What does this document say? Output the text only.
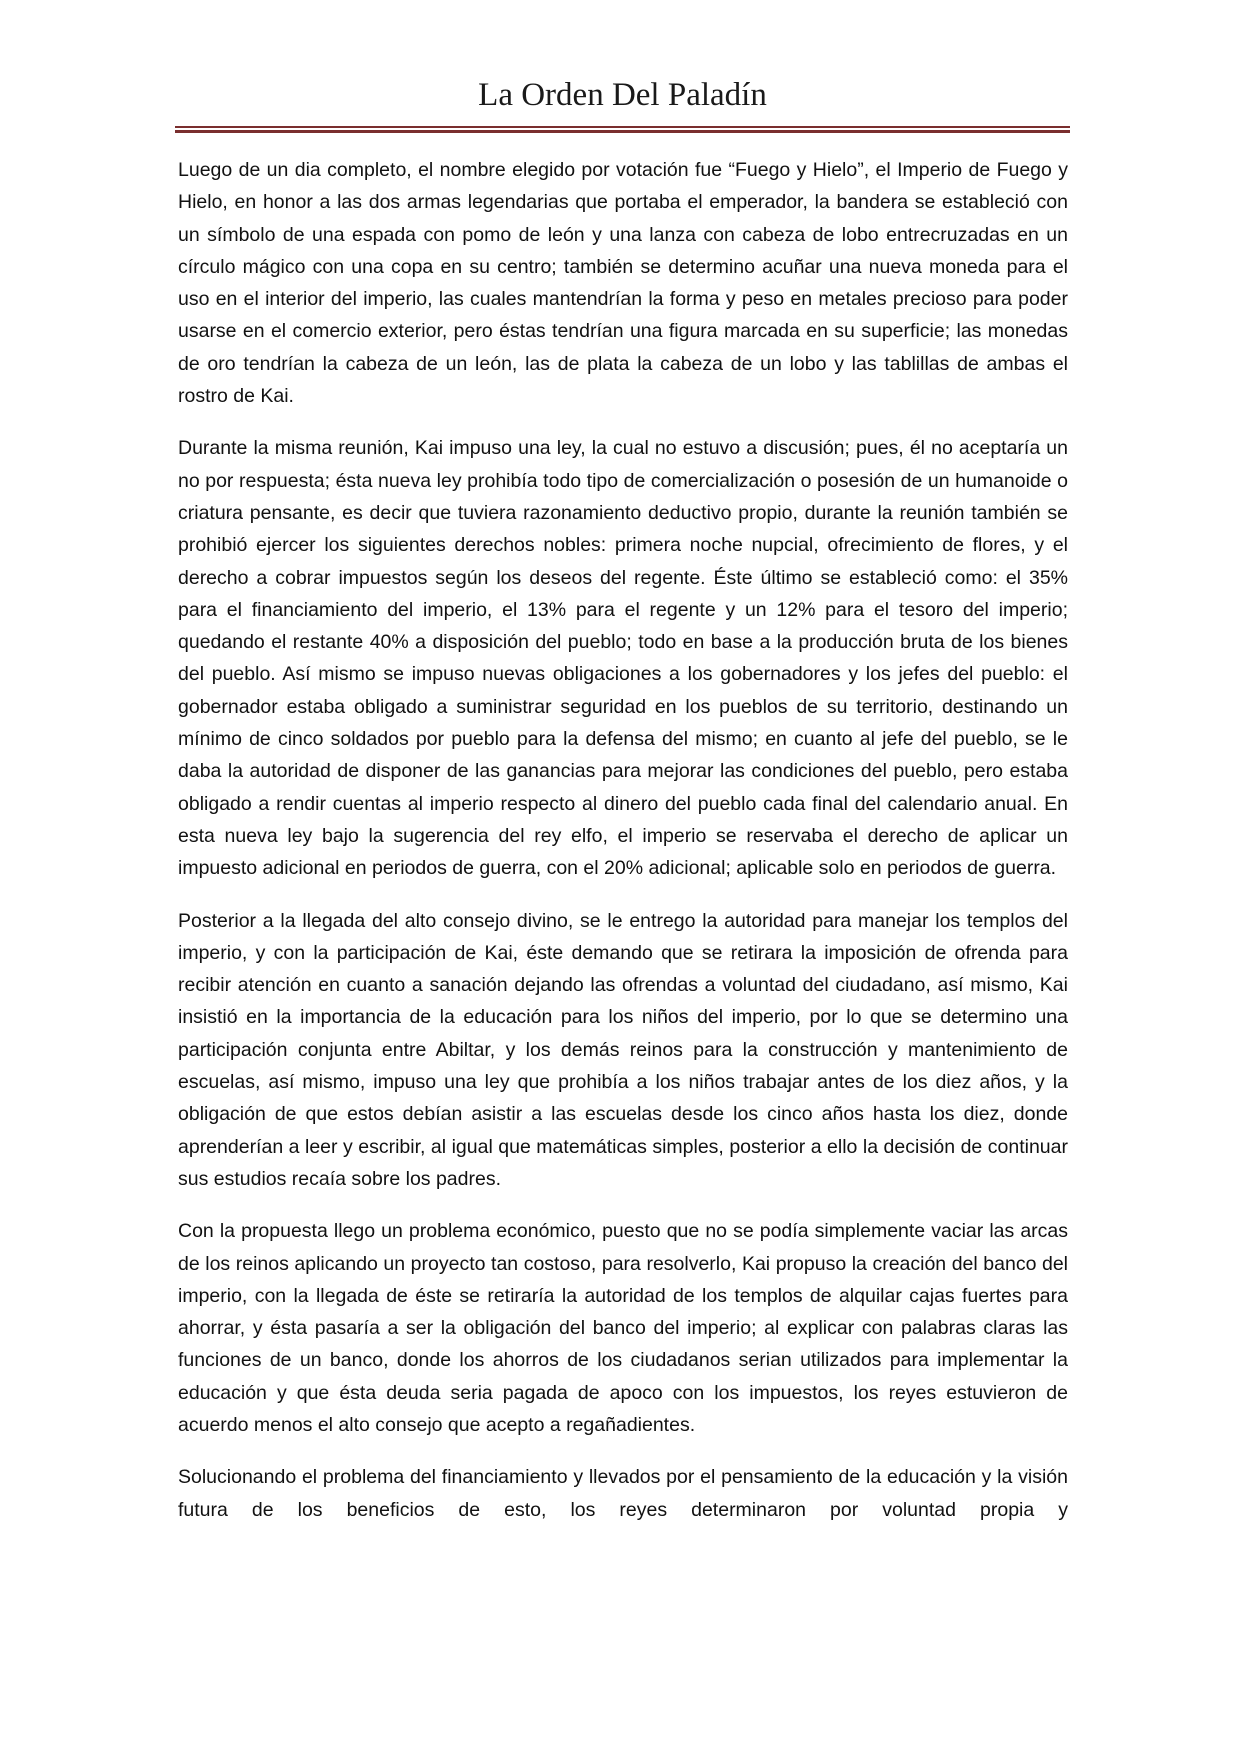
La Orden Del Paladín

Luego de un dia completo, el nombre elegido por votación fue “Fuego y Hielo”, el Imperio de Fuego y Hielo, en honor a las dos armas legendarias que portaba el emperador, la bandera se estableció con un símbolo de una espada con pomo de león y una lanza con cabeza de lobo entrecruzadas en un círculo mágico con una copa en su centro; también se determino acuñar una nueva moneda para el uso en el interior del imperio, las cuales mantendrían la forma y peso en metales precioso para poder usarse en el comercio exterior, pero éstas tendrían una figura marcada en su superficie; las monedas de oro tendrían la cabeza de un león, las de plata la cabeza de un lobo y las tablillas de ambas el rostro de Kai.

Durante la misma reunión, Kai impuso una ley, la cual no estuvo a discusión; pues, él no aceptaría un no por respuesta; ésta nueva ley prohibía todo tipo de comercialización o posesión de un humanoide o criatura pensante, es decir que tuviera razonamiento deductivo propio, durante la reunión también se prohibió ejercer los siguientes derechos nobles: primera noche nupcial, ofrecimiento de flores, y el derecho a cobrar impuestos según los deseos del regente. Éste último se estableció como: el 35% para el financiamiento del imperio, el 13% para el regente y un 12% para el tesoro del imperio; quedando el restante 40% a disposición del pueblo; todo en base a la producción bruta de los bienes del pueblo. Así mismo se impuso nuevas obligaciones a los gobernadores y los jefes del pueblo: el gobernador estaba obligado a suministrar seguridad en los pueblos de su territorio, destinando un mínimo de cinco soldados por pueblo para la defensa del mismo; en cuanto al jefe del pueblo, se le daba la autoridad de disponer de las ganancias para mejorar las condiciones del pueblo, pero estaba obligado a rendir cuentas al imperio respecto al dinero del pueblo cada final del calendario anual. En esta nueva ley bajo la sugerencia del rey elfo, el imperio se reservaba el derecho de aplicar un impuesto adicional en periodos de guerra, con el 20% adicional; aplicable solo en periodos de guerra.

Posterior a la llegada del alto consejo divino, se le entrego la autoridad para manejar los templos del imperio, y con la participación de Kai, éste demando que se retirara la imposición de ofrenda para recibir atención en cuanto a sanación dejando las ofrendas a voluntad del ciudadano, así mismo, Kai insistió en la importancia de la educación para los niños del imperio, por lo que se determino una participación conjunta entre Abiltar, y los demás reinos para la construcción y mantenimiento de escuelas, así mismo, impuso una ley que prohibía a los niños trabajar antes de los diez años, y la obligación de que estos debían asistir a las escuelas desde los cinco años hasta los diez, donde aprenderían a leer y escribir, al igual que matemáticas simples, posterior a ello la decisión de continuar sus estudios recaía sobre los padres.

Con la propuesta llego un problema económico, puesto que no se podía simplemente vaciar las arcas de los reinos aplicando un proyecto tan costoso, para resolverlo, Kai propuso la creación del banco del imperio, con la llegada de éste se retiraría la autoridad de los templos de alquilar cajas fuertes para ahorrar, y ésta pasaría a ser la obligación del banco del imperio; al explicar con palabras claras las funciones de un banco, donde los ahorros de los ciudadanos serian utilizados para implementar la educación y que ésta deuda seria pagada de apoco con los impuestos, los reyes estuvieron de acuerdo menos el alto consejo que acepto a regañadientes.

Solucionando el problema del financiamiento y llevados por el pensamiento de la educación y la visión futura de los beneficios de esto, los reyes determinaron por voluntad propia y
